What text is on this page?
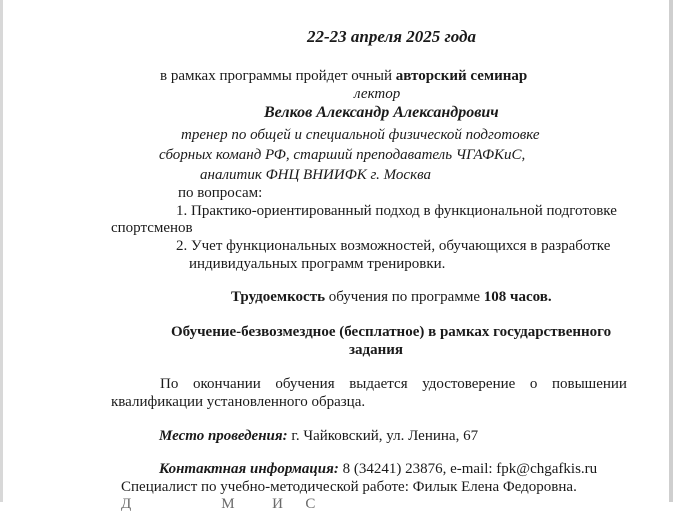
22-23 апреля 2025 года
в рамках программы пройдет очный авторский семинар
лектор
Велков Александр Александрович
тренер по общей и специальной физической подготовке
сборных команд РФ, старший преподаватель ЧГАФКиС,
аналитик ФНЦ ВНИИФК г. Москва
по вопросам:
1. Практико-ориентированный подход в функциональной подготовке
спортсменов
2. Учет функциональных возможностей, обучающихся в разработке
индивидуальных программ тренировки.
Трудоемкость обучения по программе 108 часов.
Обучение-безвозмездное (бесплатное) в рамках государственного
задания
По окончании обучения выдается удостоверение о повышении
квалификации установленного образца.
Место проведения: г. Чайковский, ул. Ленина, 67
Контактная информация: 8 (34241) 23876, e-mail: fpk@chgafkis.ru
Специалист по учебно-методической работе: Филык Елена Федоровна.
Д                        М          И      С
